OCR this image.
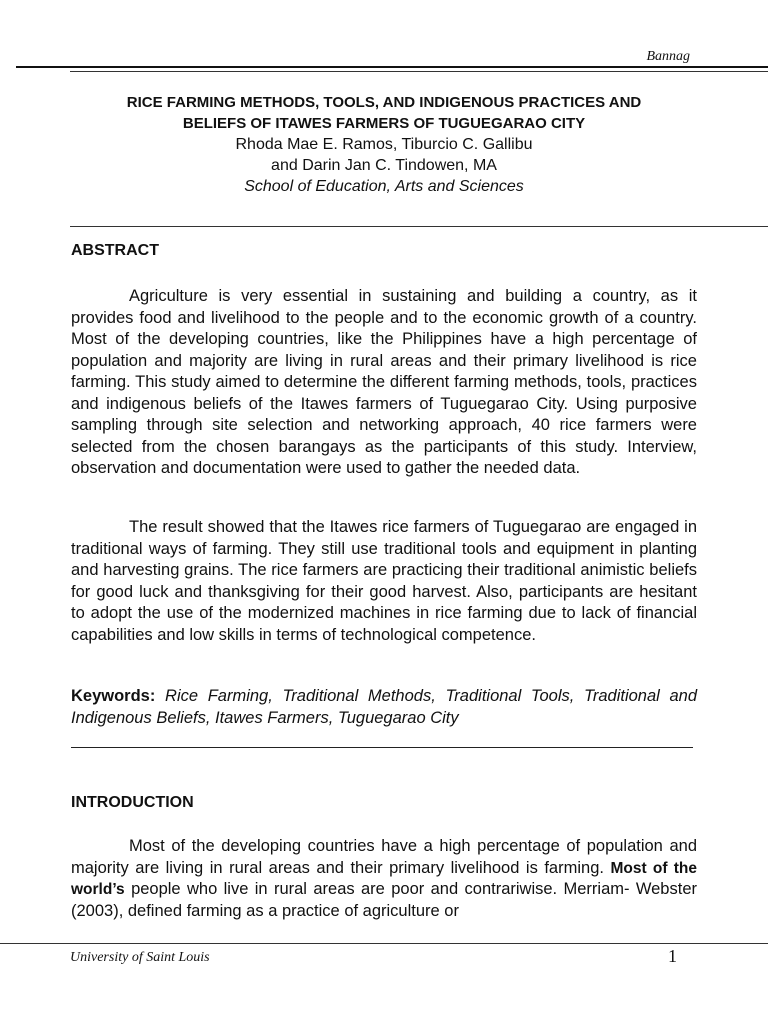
Bannag
RICE FARMING METHODS, TOOLS, AND INDIGENOUS PRACTICES AND
BELIEFS OF ITAWES FARMERS OF TUGUEGARAO CITY
Rhoda Mae E. Ramos, Tiburcio C. Gallibu
and Darin Jan C. Tindowen, MA
School of Education, Arts and Sciences
ABSTRACT

Agriculture is very essential in sustaining and building a country, as it provides food and livelihood to the people and to the economic growth of a country. Most of the developing countries, like the Philippines have a high percentage of population and majority are living in rural areas and their primary livelihood is rice farming. This study aimed to determine the different farming methods, tools, practices and indigenous beliefs of the Itawes farmers of Tuguegarao City. Using purposive sampling through site selection and networking approach, 40 rice farmers were selected from the chosen barangays as the participants of this study. Interview, observation and documentation were used to gather the needed data.

The result showed that the Itawes rice farmers of Tuguegarao are engaged in traditional ways of farming. They still use traditional tools and equipment in planting and harvesting grains. The rice farmers are practicing their traditional animistic beliefs for good luck and thanksgiving for their good harvest. Also, participants are hesitant to adopt the use of the modernized machines in rice farming due to lack of financial capabilities and low skills in terms of technological competence.

Keywords: Rice Farming, Traditional Methods, Traditional Tools, Traditional and Indigenous Beliefs, Itawes Farmers, Tuguegarao City

INTRODUCTION

Most of the developing countries have a high percentage of population and majority are living in rural areas and their primary livelihood is farming. Most of the world’s people who live in rural areas are poor and contrariwise. Merriam- Webster (2003), defined farming as a practice of agriculture or

University of Saint Louis	1
